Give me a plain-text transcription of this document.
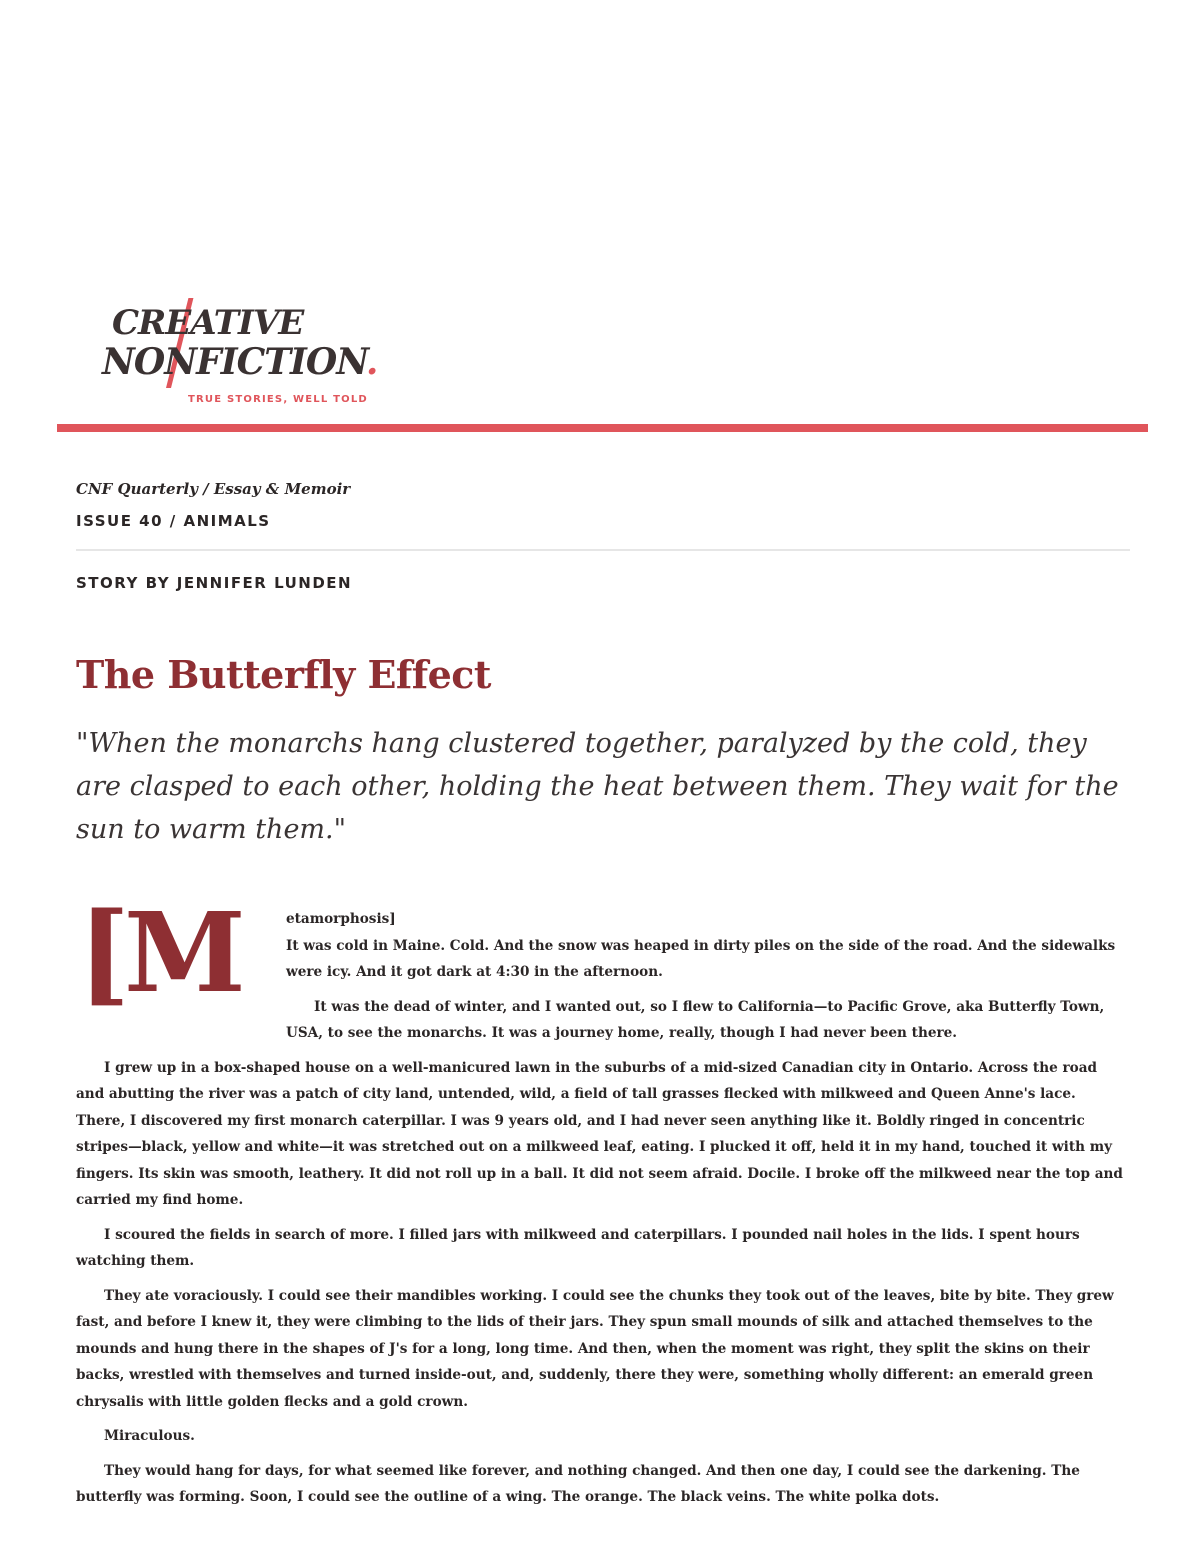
CREATIVE
NONFICTION.
TRUE STORIES, WELL TOLD
CNF Quarterly / Essay & Memoir
ISSUE 40 / ANIMALS
STORY BY JENNIFER LUNDEN
The Butterfly Effect
"When the monarchs hang clustered together, paralyzed by the cold, they are clasped to each other, holding the heat between them. They wait for the sun to warm them."
[M	etamorphosis]

It was cold in Maine. Cold. And the snow was heaped in dirty piles on the side of the road. And the sidewalks were icy. And it got dark at 4:30 in the afternoon.

It was the dead of winter, and I wanted out, so I flew to California—to Pacific Grove, aka Butterfly Town, USA, to see the monarchs. It was a journey home, really, though I had never been there.

I grew up in a box-shaped house on a well-manicured lawn in the suburbs of a mid-sized Canadian city in Ontario. Across the road and abutting the river was a patch of city land, untended, wild, a field of tall grasses flecked with milkweed and Queen Anne's lace. There, I discovered my first monarch caterpillar. I was 9 years old, and I had never seen anything like it. Boldly ringed in concentric stripes—black, yellow and white—it was stretched out on a milkweed leaf, eating. I plucked it off, held it in my hand, touched it with my fingers. Its skin was smooth, leathery. It did not roll up in a ball. It did not seem afraid. Docile. I broke off the milkweed near the top and carried my find home.

I scoured the fields in search of more. I filled jars with milkweed and caterpillars. I pounded nail holes in the lids. I spent hours watching them.

They ate voraciously. I could see their mandibles working. I could see the chunks they took out of the leaves, bite by bite. They grew fast, and before I knew it, they were climbing to the lids of their jars. They spun small mounds of silk and attached themselves to the mounds and hung there in the shapes of J's for a long, long time. And then, when the moment was right, they split the skins on their backs, wrestled with themselves and turned inside-out, and, suddenly, there they were, something wholly different: an emerald green chrysalis with little golden flecks and a gold crown.

Miraculous.

They would hang for days, for what seemed like forever, and nothing changed. And then one day, I could see the darkening. The butterfly was forming. Soon, I could see the outline of a wing. The orange. The black veins. The white polka dots.
